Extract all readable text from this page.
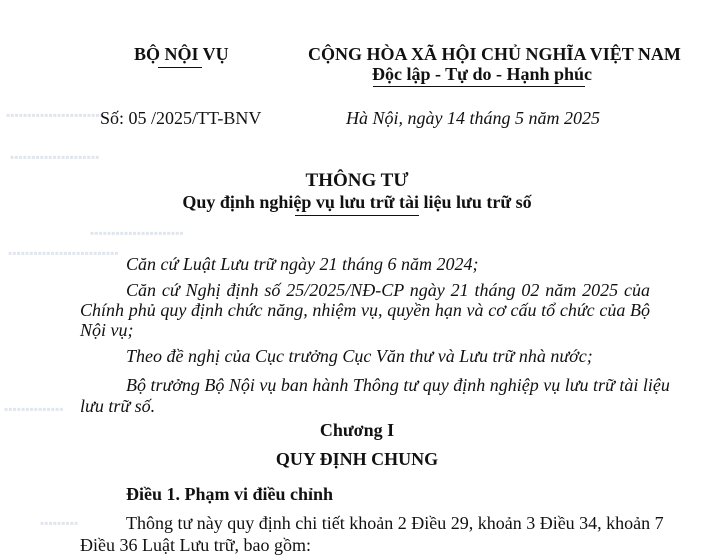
▪▪▪▪▪▪▪▪▪▪▪▪▪▪▪▪▪▪▪▪▪▪▪
▪▪▪▪▪▪▪▪▪▪▪▪▪▪▪▪▪▪▪▪▪
▪▪▪▪▪▪▪▪▪▪▪▪▪▪▪▪▪▪▪▪▪▪
▪▪▪▪▪▪▪▪▪▪▪▪▪▪▪▪▪▪▪▪▪▪▪▪▪▪
▪▪▪▪▪▪▪▪▪▪▪▪▪▪
▪▪▪▪▪▪▪▪▪
BỘ NỘI VỤ	CỘNG HÒA XÃ HỘI CHỦ NGHĨA VIỆT NAM
Độc lập - Tự do - Hạnh phúc
Số: 05 /2025/TT-BNV	Hà Nội, ngày 14 tháng 5 năm 2025
THÔNG TƯ
Quy định nghiệp vụ lưu trữ tài liệu lưu trữ số
Căn cứ Luật Lưu trữ ngày 21 tháng 6 năm 2024;
Căn cứ Nghị định số 25/2025/NĐ-CP ngày 21 tháng 02 năm 2025 của
Chính phủ quy định chức năng, nhiệm vụ, quyền hạn và cơ cấu tổ chức của Bộ
Nội vụ;
Theo đề nghị của Cục trưởng Cục Văn thư và Lưu trữ nhà nước;
Bộ trưởng Bộ Nội vụ ban hành Thông tư quy định nghiệp vụ lưu trữ tài liệu
lưu trữ số.
Chương I
QUY ĐỊNH CHUNG
Điều 1. Phạm vi điều chỉnh
Thông tư này quy định chi tiết khoản 2 Điều 29, khoản 3 Điều 34, khoản 7
Điều 36 Luật Lưu trữ, bao gồm:
